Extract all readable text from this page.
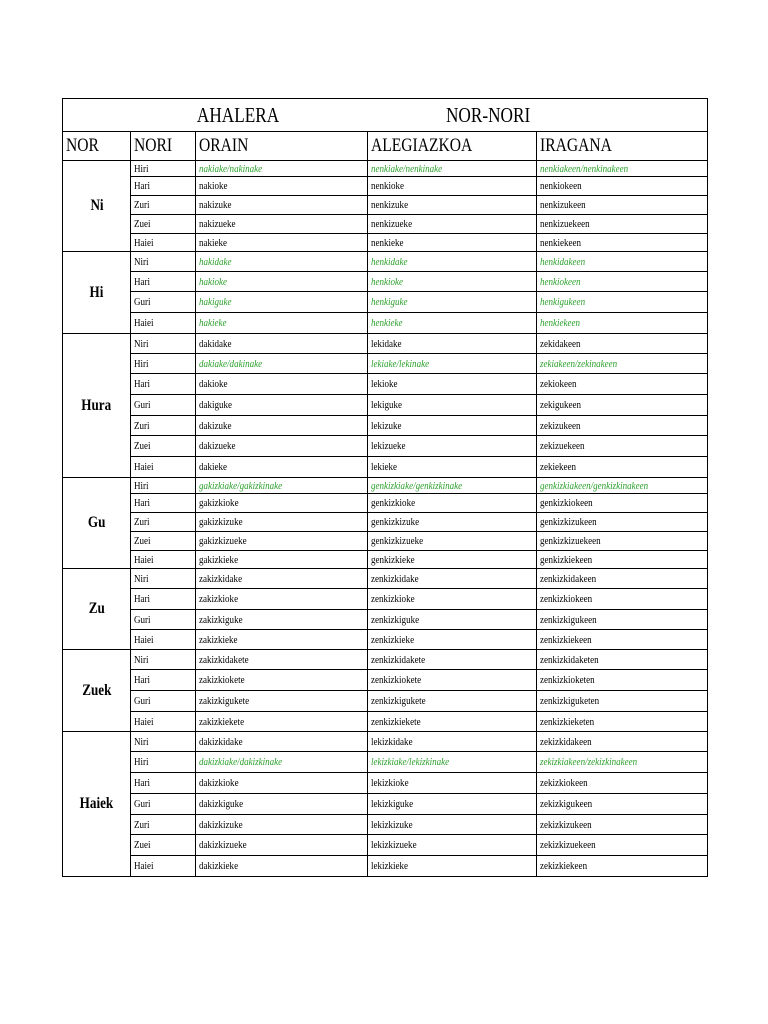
AHALERA NOR-NORI				
NOR	NORI	ORAIN	ALEGIAZKOA	IRAGANA
Ni	Hiri	nakiake/nakinake	nenkiake/nenkinake	nenkiakeen/nenkinakeen
	Hari	nakioke	nenkioke	nenkiokeen
	Zuri	nakizuke	nenkizuke	nenkizukeen
	Zuei	nakizueke	nenkizueke	nenkizuekeen
	Haiei	nakieke	nenkieke	nenkiekeen
Hi	Niri	hakidake	henkidake	henkidakeen
	Hari	hakioke	henkioke	henkiokeen
	Guri	hakiguke	henkiguke	henkigukeen
	Haiei	hakieke	henkieke	henkiekeen
Hura	Niri	dakidake	lekidake	zekidakeen
	Hiri	dakiake/dakinake	lekiake/lekinake	zekiakeen/zekinakeen
	Hari	dakioke	lekioke	zekiokeen
	Guri	dakiguke	lekiguke	zekigukeen
	Zuri	dakizuke	lekizuke	zekizukeen
	Zuei	dakizueke	lekizueke	zekizuekeen
	Haiei	dakieke	lekieke	zekiekeen
Gu	Hiri	gakizkiake/gakizkinake	genkizkiake/genkizkinake	genkizkiakeen/genkizkinakeen
	Hari	gakizkioke	genkizkioke	genkizkiokeen
	Zuri	gakizkizuke	genkizkizuke	genkizkizukeen
	Zuei	gakizkizueke	genkizkizueke	genkizkizuekeen
	Haiei	gakizkieke	genkizkieke	genkizkiekeen
Zu	Niri	zakizkidake	zenkizkidake	zenkizkidakeen
	Hari	zakizkioke	zenkizkioke	zenkizkiokeen
	Guri	zakizkiguke	zenkizkiguke	zenkizkigukeen
	Haiei	zakizkieke	zenkizkieke	zenkizkiekeen
Zuek	Niri	zakizkidakete	zenkizkidakete	zenkizkidaketen
	Hari	zakizkiokete	zenkizkiokete	zenkizkioketen
	Guri	zakizkigukete	zenkizkigukete	zenkizkiguketen
	Haiei	zakizkiekete	zenkizkiekete	zenkizkieketen
Haiek	Niri	dakizkidake	lekizkidake	zekizkidakeen
	Hiri	dakizkiake/dakizkinake	lekizkiake/lekizkinake	zekizkiakeen/zekizkinakeen
	Hari	dakizkioke	lekizkioke	zekizkiokeen
	Guri	dakizkiguke	lekizkiguke	zekizkigukeen
	Zuri	dakizkizuke	lekizkizuke	zekizkizukeen
	Zuei	dakizkizueke	lekizkizueke	zekizkizuekeen
	Haiei	dakizkieke	lekizkieke	zekizkiekeen
